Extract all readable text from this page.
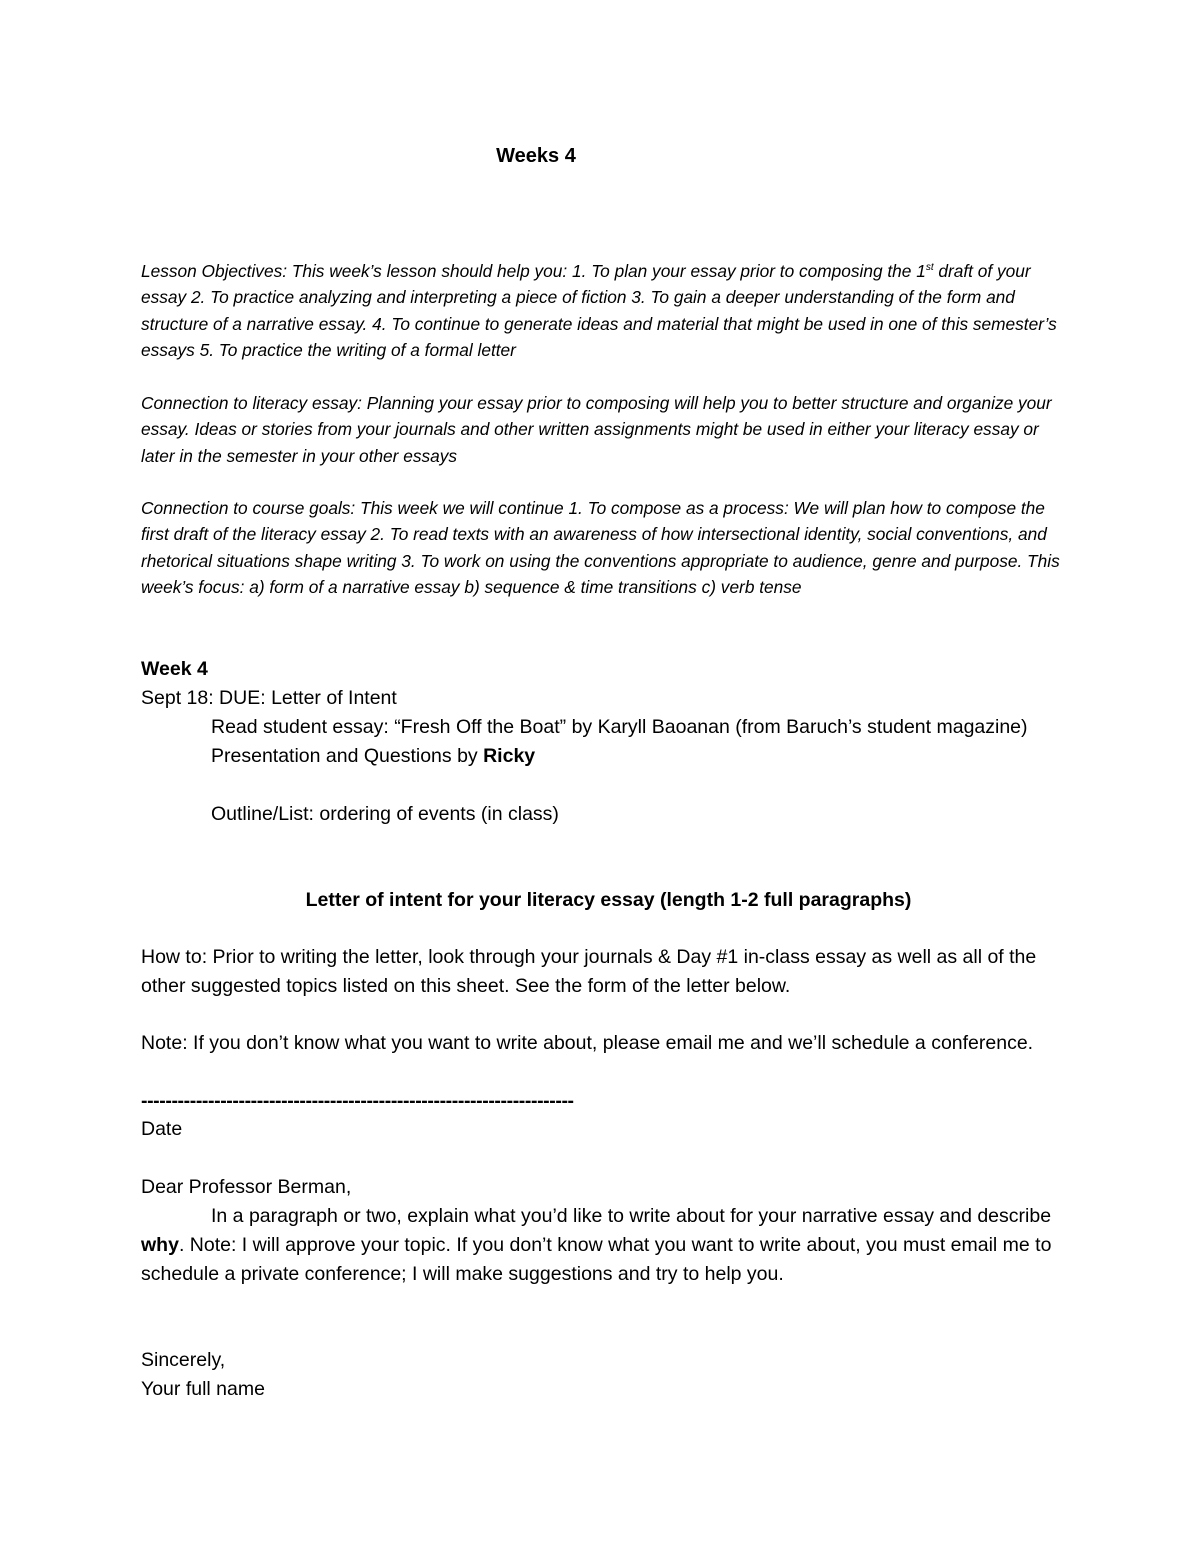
Weeks 4
Lesson Objectives: This week’s lesson should help you: 1. To plan your essay prior to composing the 1st draft of your essay 2. To practice analyzing and interpreting a piece of fiction 3. To gain a deeper understanding of the form and structure of a narrative essay. 4. To continue to generate ideas and material that might be used in one of this semester’s essays 5. To practice the writing of a formal letter
Connection to literacy essay: Planning your essay prior to composing will help you to better structure and organize your essay. Ideas or stories from your journals and other written assignments might be used in either your literacy essay or later in the semester in your other essays
Connection to course goals: This week we will continue 1. To compose as a process: We will plan how to compose the first draft of the literacy essay 2. To read texts with an awareness of how intersectional identity, social conventions, and rhetorical situations shape writing 3. To work on using the conventions appropriate to audience, genre and purpose. This week’s focus: a) form of a narrative essay b) sequence & time transitions c) verb tense
Week 4
Sept 18: DUE: Letter of Intent
Read student essay: “Fresh Off the Boat” by Karyll Baoanan (from Baruch’s student magazine)
Presentation and Questions by Ricky
Outline/List: ordering of events (in class)
Letter of intent for your literacy essay (length 1-2 full paragraphs)
How to: Prior to writing the letter, look through your journals & Day #1 in-class essay as well as all of the other suggested topics listed on this sheet. See the form of the letter below.
Note: If you don’t know what you want to write about, please email me and we’ll schedule a conference.
-----------------------------------------------------------------------
Date
Dear Professor Berman,
In a paragraph or two, explain what you’d like to write about for your narrative essay and describe why. Note: I will approve your topic. If you don’t know what you want to write about, you must email me to schedule a private conference; I will make suggestions and try to help you.
Sincerely,
Your full name
